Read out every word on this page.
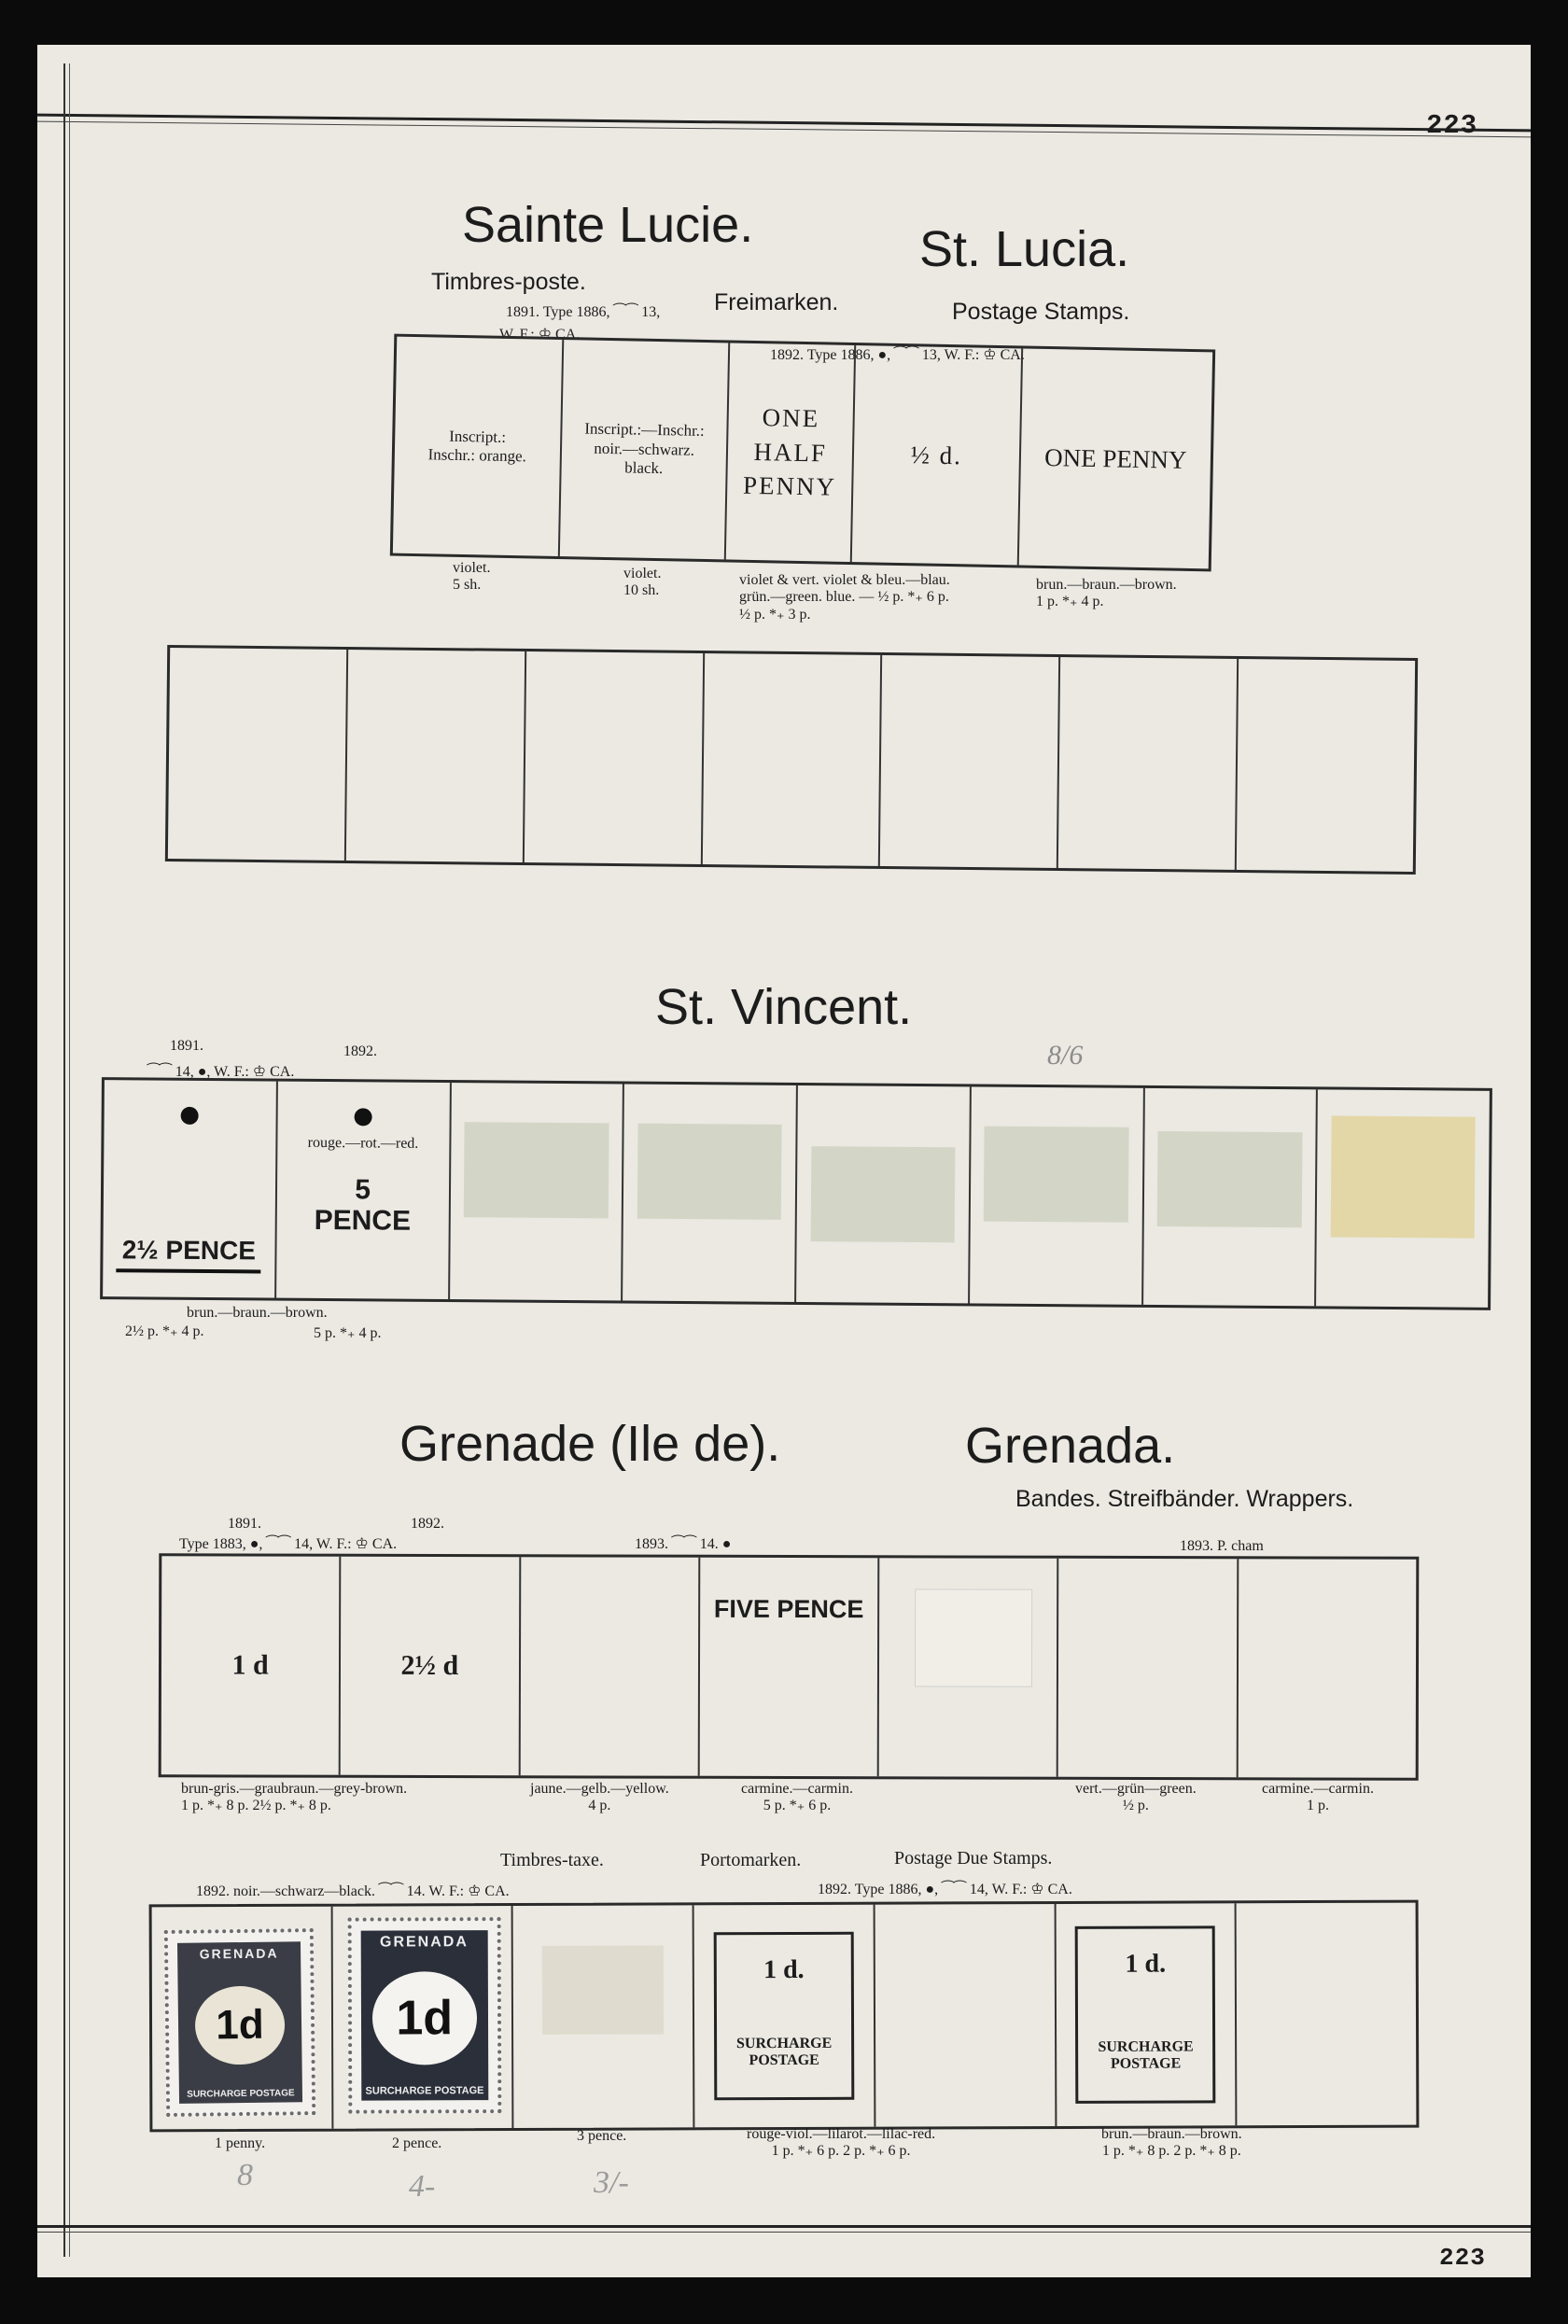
223
Sainte Lucie.	St. Lucia.
Timbres-poste.
Freimarken.	Postage Stamps.
1891. Type 1886, ⁀⁀ 13,
W. F.: ♔ CA.
1892. Type 1886, ●, ⁀⁀ 13, W. F.: ♔ CA.
Inscript.:
Inschr.: orange.
Inscript.:—Inschr.:
noir.—schwarz.
black.
ONE
HALF
PENNY
½ d.	ONE PENNY
violet.
5 sh.
violet.
10 sh.
violet & vert. violet & bleu.—blau.
grün.—green. blue. — ½ p. *₊ 6 p.
½ p. *₊ 3 p.
brun.—braun.—brown.
1 p. *₊ 4 p.
St. Vincent.
1891.	1892.
⁀⁀ 14, ●, W. F.: ♔ CA.
8/6
2½ PENCE
rouge.—rot.—red.
5
PENCE
brun.—braun.—brown.
2½ p. *₊ 4 p.	5 p. *₊ 4 p.
Grenade (Ile de).	Grenada.
Bandes. Streifbänder. Wrappers.
1891.	1892.
Type 1883, ●, ⁀⁀ 14, W. F.: ♔ CA.	1893. ⁀⁀ 14. ●	1893. P. cham
1 d	2½ d
FIVE PENCE
brun-gris.—graubraun.—grey-brown.
1 p. *₊ 8 p. 2½ p. *₊ 8 p.
jaune.—gelb.—yellow.
4 p.
carmine.—carmin.
5 p. *₊ 6 p.
vert.—grün—green.
½ p.
carmine.—carmin.
1 p.
Timbres-taxe.	Portomarken.	Postage Due Stamps.
1892. noir.—schwarz—black. ⁀⁀ 14. W. F.: ♔ CA.	1892. Type 1886, ●, ⁀⁀ 14, W. F.: ♔ CA.
GRENADA
1d
SURCHARGE POSTAGE
GRENADA
1d
SURCHARGE POSTAGE
1 d.
SURCHARGE
POSTAGE
1 d.
SURCHARGE
POSTAGE
1 penny.	2 pence.	3 pence.	rouge-viol.—lilarot.—lilac-red.
1 p. *₊ 6 p. 2 p. *₊ 6 p.
brun.—braun.—brown.
1 p. *₊ 8 p. 2 p. *₊ 8 p.
8	4-	3/-
223
